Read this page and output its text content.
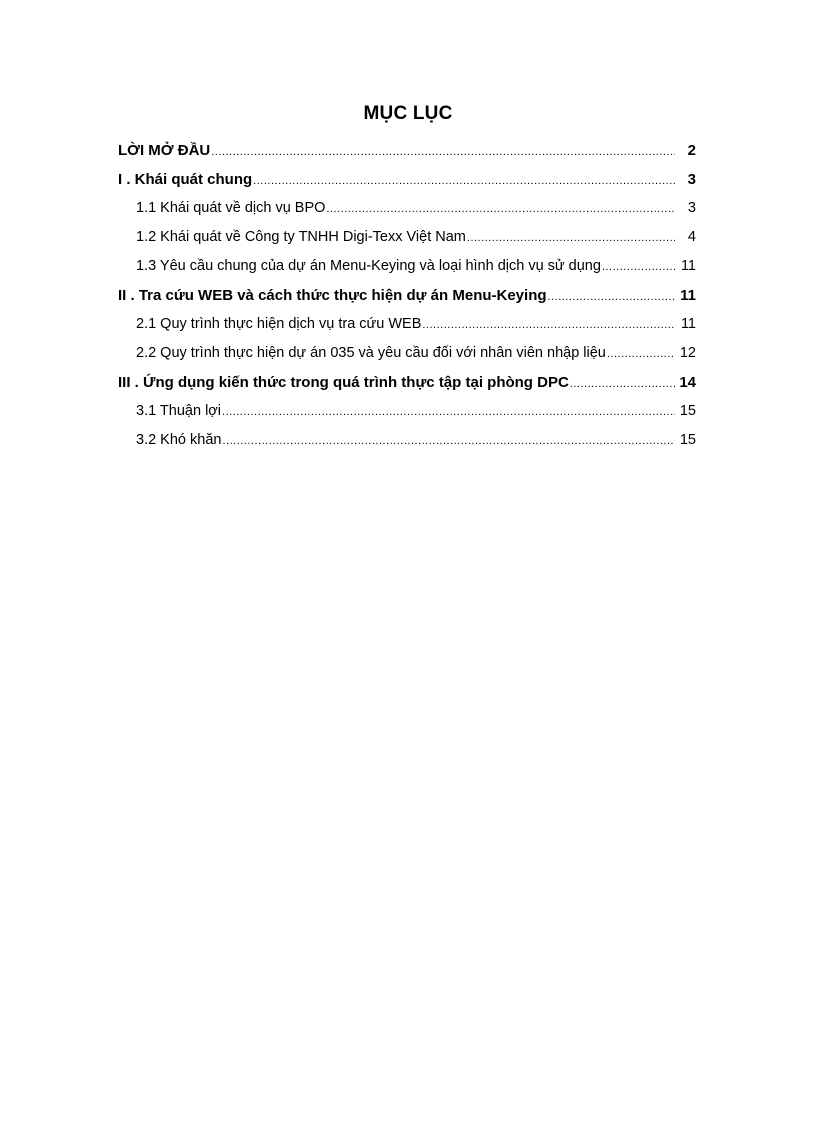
MỤC LỤC
LỜI MỞ ĐẦU .....	2
I . Khái quát chung .....	3
1.1 Khái quát về dịch vụ BPO .....	3
1.2 Khái quát về Công ty TNHH Digi-Texx Việt Nam .....	4
1.3 Yêu cầu chung của dự án Menu-Keying và loại hình dịch vụ sử dụng .....	11
II . Tra cứu WEB và cách thức thực hiện dự án Menu-Keying .....	11
2.1 Quy trình thực hiện dịch vụ tra cứu WEB .....	11
2.2 Quy trình thực hiện dự án 035 và yêu cầu đối với nhân viên nhập liệu .....	12
III . Ứng dụng kiến thức trong quá trình thực tập tại phòng DPC .....	14
3.1 Thuận lợi .....	15
3.2 Khó khăn .....	15
